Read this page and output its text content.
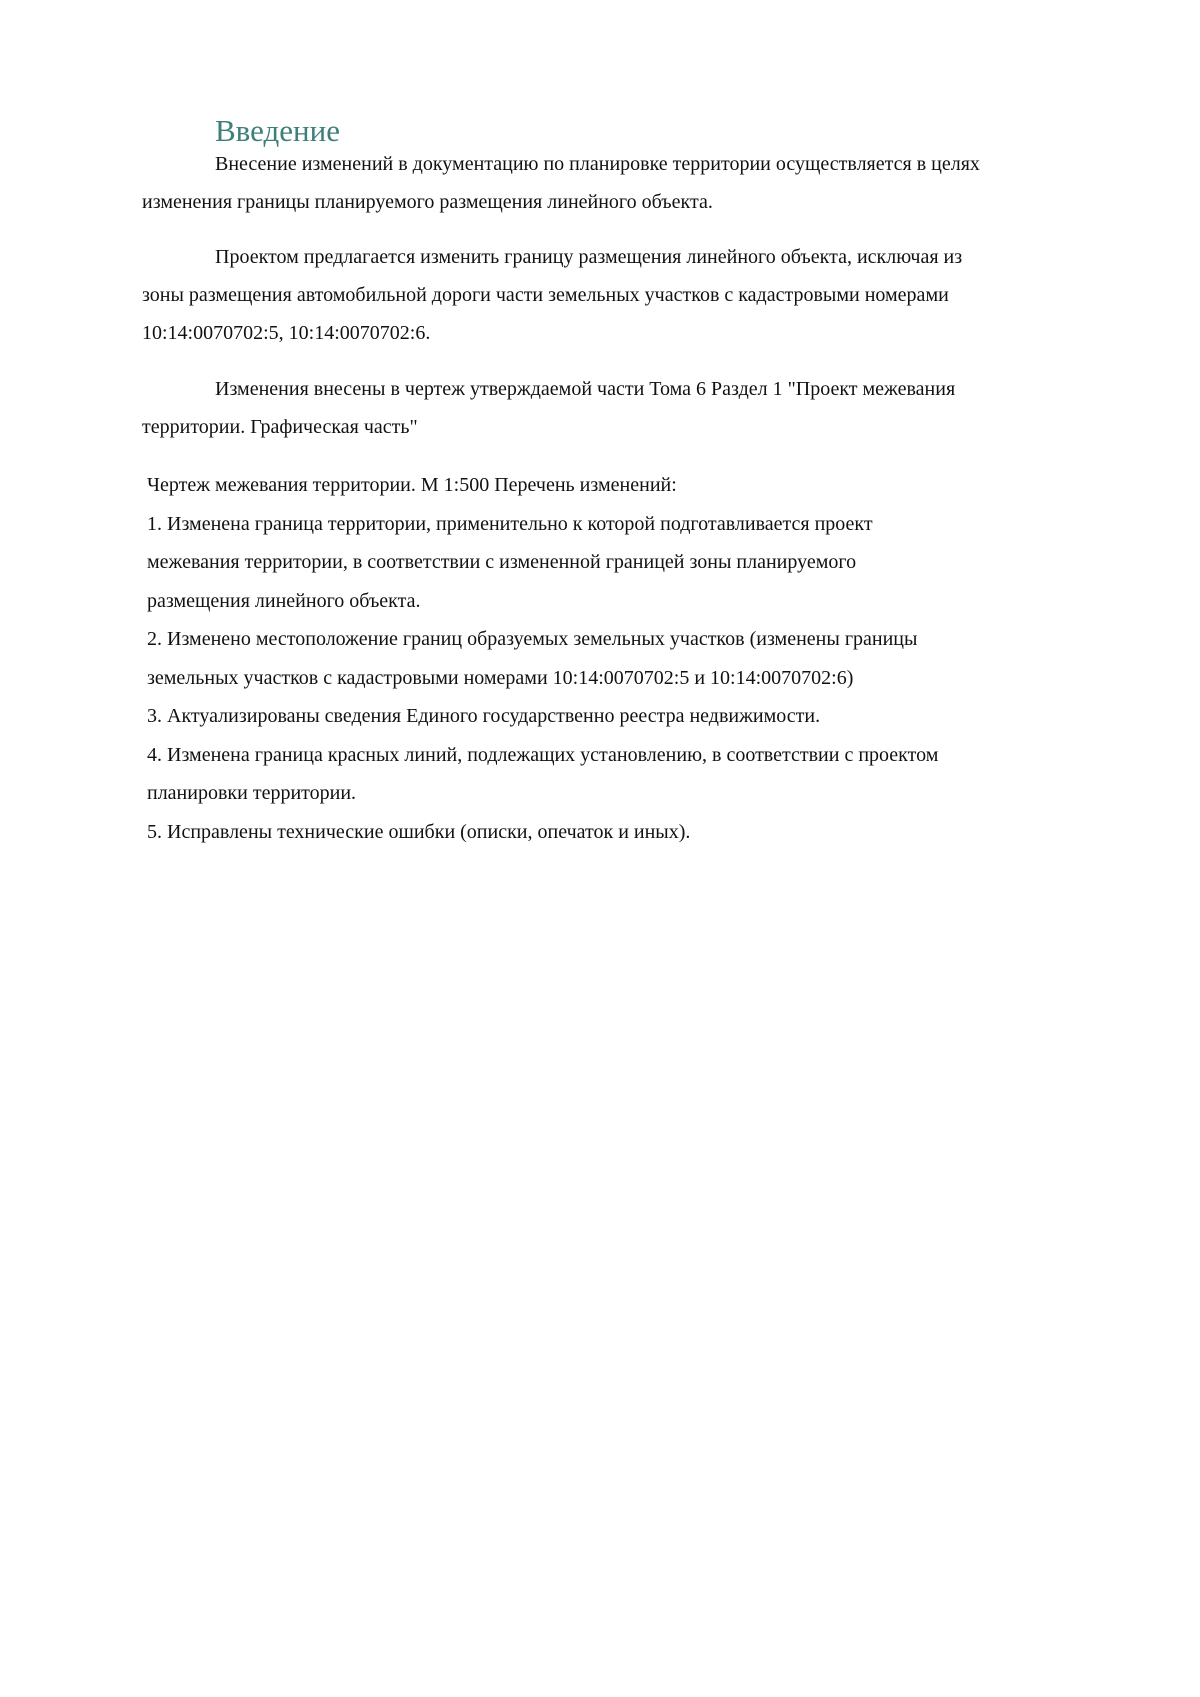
Введение

Внесение изменений в документацию по планировке территории осуществляется в целях
изменения границы планируемого размещения линейного объекта.

Проектом предлагается изменить границу размещения линейного объекта, исключая из
зоны размещения автомобильной дороги части земельных участков с кадастровыми номерами
10:14:0070702:5, 10:14:0070702:6.

Изменения внесены в чертеж утверждаемой части Тома 6 Раздел 1 "Проект межевания
территории. Графическая часть"

Чертеж межевания территории. М 1:500 Перечень изменений:
1. Изменена граница территории, применительно к которой подготавливается проект
межевания территории, в соответствии с измененной границей зоны планируемого
размещения линейного объекта.
2. Изменено местоположение границ образуемых земельных участков (изменены границы
земельных участков с кадастровыми номерами 10:14:0070702:5 и 10:14:0070702:6)
3. Актуализированы сведения Единого государственно реестра недвижимости.
4. Изменена граница красных линий, подлежащих установлению, в соответствии с проектом
планировки территории.
5. Исправлены технические ошибки (описки, опечаток и иных).
